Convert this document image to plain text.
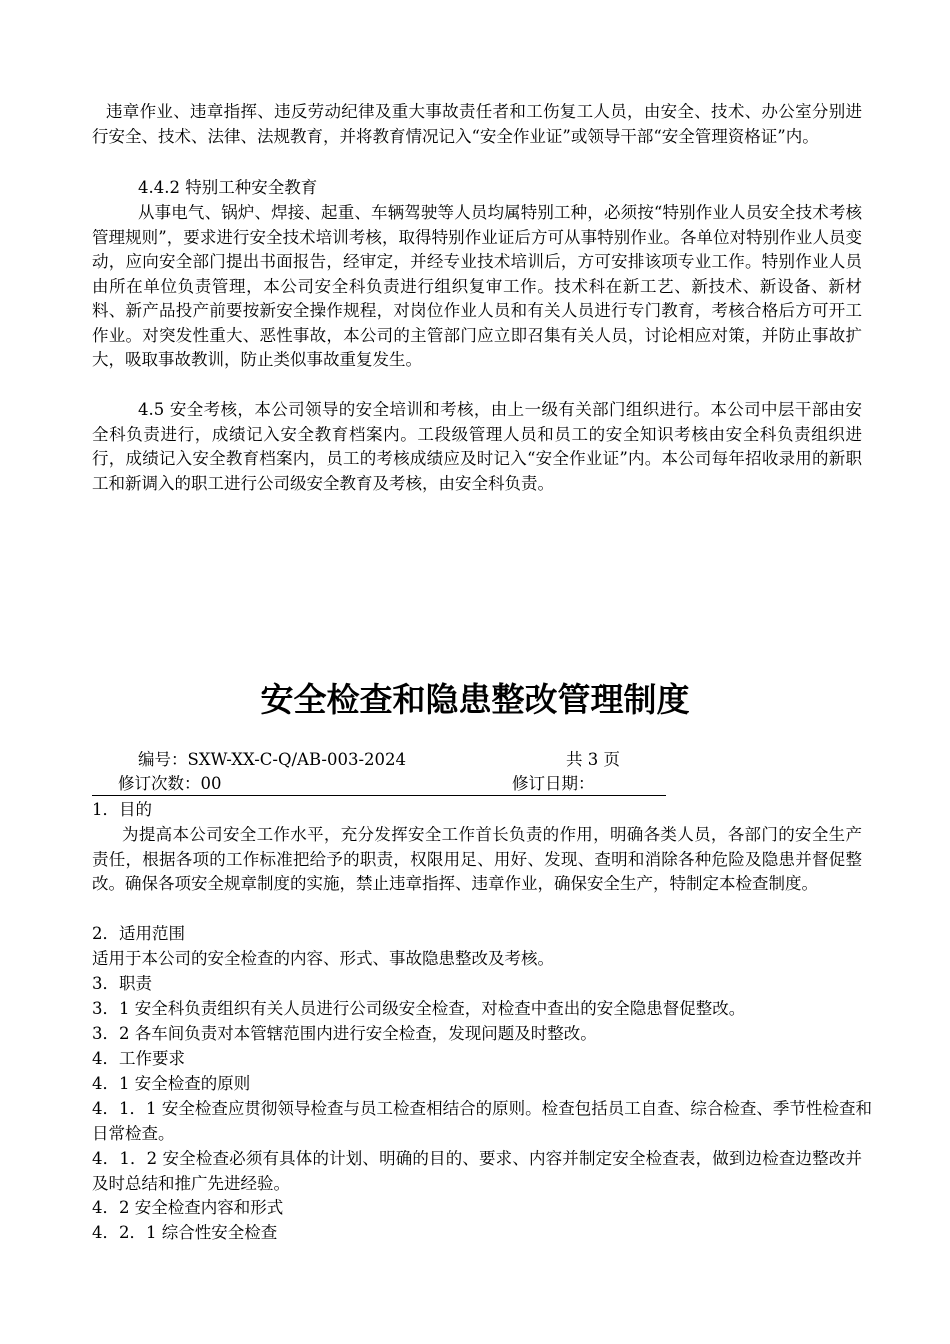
违章作业、违章指挥、违反劳动纪律及重大事故责任者和工伤复工人员，由安全、技术、办公室分别进行安全、技术、法律、法规教育，并将教育情况记入“安全作业证”或领导干部“安全管理资格证”内。

4.4.2 特别工种安全教育

从事电气、锅炉、焊接、起重、车辆驾驶等人员均属特别工种，必须按“特别作业人员安全技术考核管理规则”，要求进行安全技术培训考核，取得特别作业证后方可从事特别作业。各单位对特别作业人员变动，应向安全部门提出书面报告，经审定，并经专业技术培训后，方可安排该项专业工作。特别作业人员由所在单位负责管理，本公司安全科负责进行组织复审工作。技术科在新工艺、新技术、新设备、新材料、新产品投产前要按新安全操作规程，对岗位作业人员和有关人员进行专门教育，考核合格后方可开工作业。对突发性重大、恶性事故，本公司的主管部门应立即召集有关人员，讨论相应对策，并防止事故扩大，吸取事故教训，防止类似事故重复发生。

4.5 安全考核，本公司领导的安全培训和考核，由上一级有关部门组织进行。本公司中层干部由安全科负责进行，成绩记入安全教育档案内。工段级管理人员和员工的安全知识考核由安全科负责组织进行，成绩记入安全教育档案内，员工的考核成绩应及时记入“安全作业证”内。本公司每年招收录用的新职工和新调入的职工进行公司级安全教育及考核，由安全科负责。

安全检查和隐患整改管理制度

编号：SXW-XX-C-Q/AB-003-2024	共 3 页

修订次数：00	修订日期：

1．目的

为提高本公司安全工作水平，充分发挥安全工作首长负责的作用，明确各类人员，各部门的安全生产责任，根据各项的工作标准把给予的职责，权限用足、用好、发现、查明和消除各种危险及隐患并督促整改。确保各项安全规章制度的实施，禁止违章指挥、违章作业，确保安全生产，特制定本检查制度。

2．适用范围

适用于本公司的安全检查的内容、形式、事故隐患整改及考核。

3．职责

3．1 安全科负责组织有关人员进行公司级安全检查，对检查中查出的安全隐患督促整改。

3．2 各车间负责对本管辖范围内进行安全检查，发现问题及时整改。

4．工作要求

4．1 安全检查的原则

4．1．1 安全检查应贯彻领导检查与员工检查相结合的原则。检查包括员工自查、综合检查、季节性检查和日常检查。

4．1．2 安全检查必须有具体的计划、明确的目的、要求、内容并制定安全检查表，做到边检查边整改并及时总结和推广先进经验。

4．2 安全检查内容和形式

4．2．1 综合性安全检查
